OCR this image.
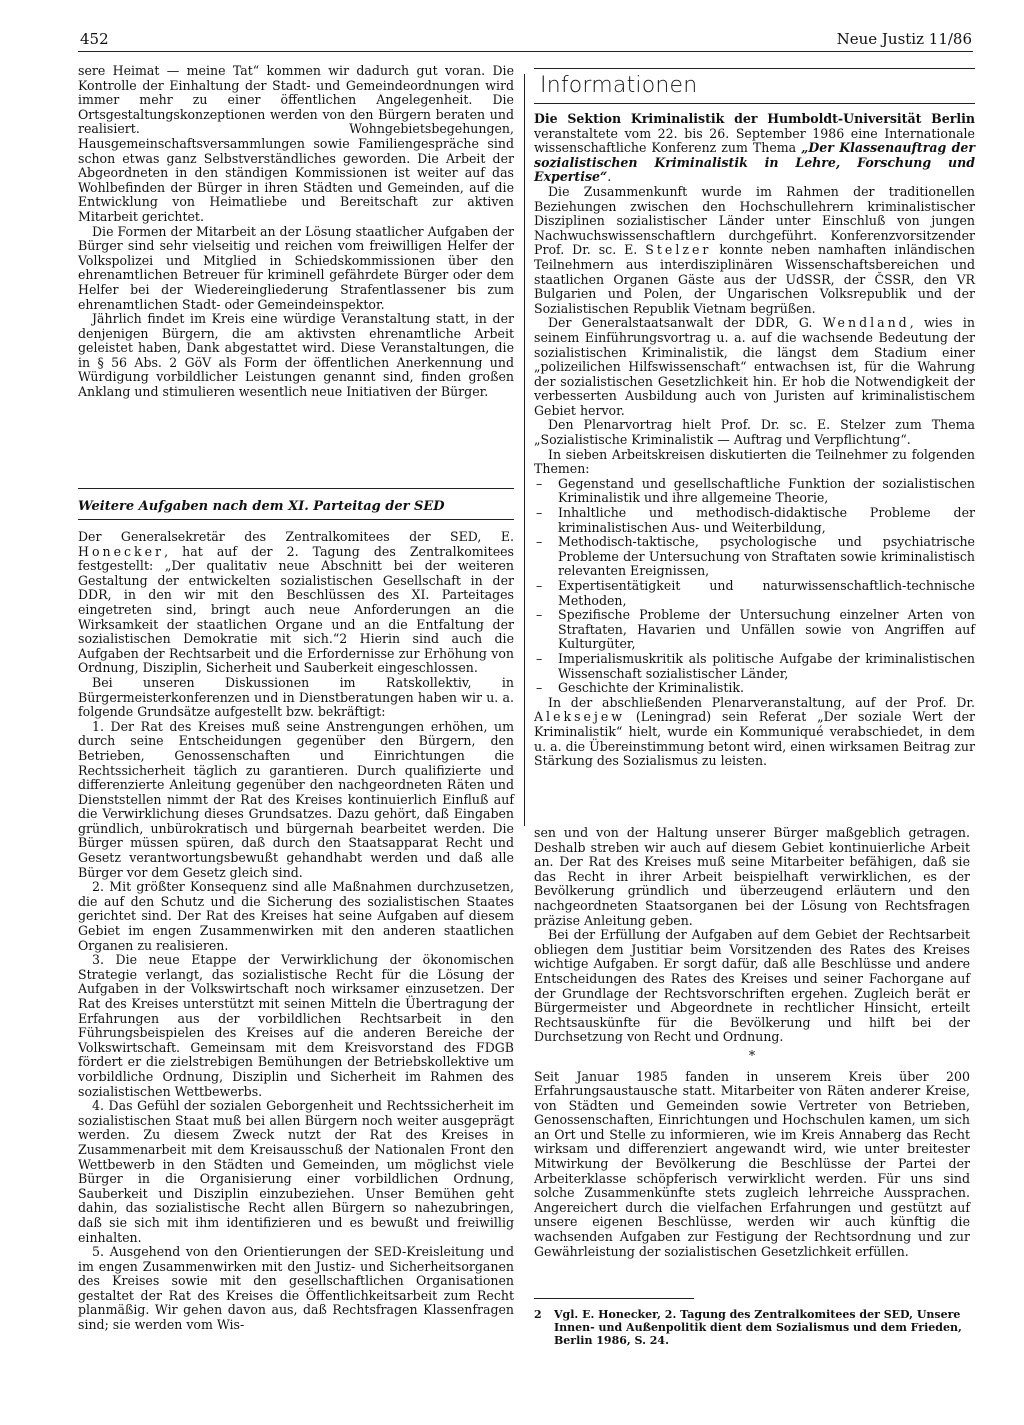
452	Neue Justiz 11/86

sere Heimat — meine Tat“ kommen wir dadurch gut voran. Die Kontrolle der Einhaltung der Stadt- und Gemeindeordnungen wird immer mehr zu einer öffentlichen Angelegenheit. Die Ortsgestaltungskonzeptionen werden von den Bürgern beraten und realisiert. Wohngebietsbegehungen, Hausgemeinschaftsversammlungen sowie Familiengespräche sind schon etwas ganz Selbstverständliches geworden. Die Arbeit der Abgeordneten in den ständigen Kommissionen ist weiter auf das Wohlbefinden der Bürger in ihren Städten und Gemeinden, auf die Entwicklung von Heimatliebe und Bereitschaft zur aktiven Mitarbeit gerichtet.

Die Formen der Mitarbeit an der Lösung staatlicher Aufgaben der Bürger sind sehr vielseitig und reichen vom freiwilligen Helfer der Volkspolizei und Mitglied in Schiedskommissionen über den ehrenamtlichen Betreuer für kriminell gefährdete Bürger oder dem Helfer bei der Wiedereingliederung Strafentlassener bis zum ehrenamtlichen Stadt- oder Gemeindeinspektor.

Jährlich findet im Kreis eine würdige Veranstaltung statt, in der denjenigen Bürgern, die am aktivsten ehrenamtliche Arbeit geleistet haben, Dank abgestattet wird. Diese Veranstaltungen, die in § 56 Abs. 2 GöV als Form der öffentlichen Anerkennung und Würdigung vorbildlicher Leistungen genannt sind, finden großen Anklang und stimulieren wesentlich neue Initiativen der Bürger.

Weitere Aufgaben nach dem XI. Parteitag der SED

Der Generalsekretär des Zentralkomitees der SED, E. Honecker, hat auf der 2. Tagung des Zentralkomitees festgestellt: „Der qualitativ neue Abschnitt bei der weiteren Gestaltung der entwickelten sozialistischen Gesellschaft in der DDR, in den wir mit den Beschlüssen des XI. Parteitages eingetreten sind, bringt auch neue Anforderungen an die Wirksamkeit der staatlichen Organe und an die Entfaltung der sozialistischen Demokratie mit sich.“2 Hierin sind auch die Aufgaben der Rechtsarbeit und die Erfordernisse zur Erhöhung von Ordnung, Disziplin, Sicherheit und Sauberkeit eingeschlossen.

Bei unseren Diskussionen im Ratskollektiv, in Bürgermeisterkonferenzen und in Dienstberatungen haben wir u. a. folgende Grundsätze aufgestellt bzw. bekräftigt:

1. Der Rat des Kreises muß seine Anstrengungen erhöhen, um durch seine Entscheidungen gegenüber den Bürgern, den Betrieben, Genossenschaften und Einrichtungen die Rechtssicherheit täglich zu garantieren. Durch qualifizierte und differenzierte Anleitung gegenüber den nachgeordneten Räten und Dienststellen nimmt der Rat des Kreises kontinuierlich Einfluß auf die Verwirklichung dieses Grundsatzes. Dazu gehört, daß Eingaben gründlich, unbürokratisch und bürgernah bearbeitet werden. Die Bürger müssen spüren, daß durch den Staatsapparat Recht und Gesetz verantwortungsbewußt gehandhabt werden und daß alle Bürger vor dem Gesetz gleich sind.

2. Mit größter Konsequenz sind alle Maßnahmen durchzusetzen, die auf den Schutz und die Sicherung des sozialistischen Staates gerichtet sind. Der Rat des Kreises hat seine Aufgaben auf diesem Gebiet im engen Zusammenwirken mit den anderen staatlichen Organen zu realisieren.

3. Die neue Etappe der Verwirklichung der ökonomischen Strategie verlangt, das sozialistische Recht für die Lösung der Aufgaben in der Volkswirtschaft noch wirksamer einzusetzen. Der Rat des Kreises unterstützt mit seinen Mitteln die Übertragung der Erfahrungen aus der vorbildlichen Rechtsarbeit in den Führungsbeispielen des Kreises auf die anderen Bereiche der Volkswirtschaft. Gemeinsam mit dem Kreisvorstand des FDGB fördert er die zielstrebigen Bemühungen der Betriebskollektive um vorbildliche Ordnung, Disziplin und Sicherheit im Rahmen des sozialistischen Wettbewerbs.

4. Das Gefühl der sozialen Geborgenheit und Rechtssicherheit im sozialistischen Staat muß bei allen Bürgern noch weiter ausgeprägt werden. Zu diesem Zweck nutzt der Rat des Kreises in Zusammenarbeit mit dem Kreisausschuß der Nationalen Front den Wettbewerb in den Städten und Gemeinden, um möglichst viele Bürger in die Organisierung einer vorbildlichen Ordnung, Sauberkeit und Disziplin einzubeziehen. Unser Bemühen geht dahin, das sozialistische Recht allen Bürgern so nahezubringen, daß sie sich mit ihm identifizieren und es bewußt und freiwillig einhalten.

5. Ausgehend von den Orientierungen der SED-Kreisleitung und im engen Zusammenwirken mit den Justiz- und Sicherheitsorganen des Kreises sowie mit den gesellschaftlichen Organisationen gestaltet der Rat des Kreises die Öffentlichkeitsarbeit zum Recht planmäßig. Wir gehen davon aus, daß Rechtsfragen Klassenfragen sind; sie werden vom Wis-

Informationen

Die Sektion Kriminalistik der Humboldt-Universität Berlin veranstaltete vom 22. bis 26. September 1986 eine Internationale wissenschaftliche Konferenz zum Thema „Der Klassenauftrag der sozialistischen Kriminalistik in Lehre, Forschung und Expertise“.

Die Zusammenkunft wurde im Rahmen der traditionellen Beziehungen zwischen den Hochschullehrern kriminalistischer Disziplinen sozialistischer Länder unter Einschluß von jungen Nachwuchswissenschaftlern durchgeführt. Konferenzvorsitzender Prof. Dr. sc. E. Stelzer konnte neben namhaften inländischen Teilnehmern aus interdisziplinären Wissenschaftsbereichen und staatlichen Organen Gäste aus der UdSSR, der ČSSR, den VR Bulgarien und Polen, der Ungarischen Volksrepublik und der Sozialistischen Republik Vietnam begrüßen.

Der Generalstaatsanwalt der DDR, G. Wendland, wies in seinem Einführungsvortrag u. a. auf die wachsende Bedeutung der sozialistischen Kriminalistik, die längst dem Stadium einer „polizeilichen Hilfswissenschaft“ entwachsen ist, für die Wahrung der sozialistischen Gesetzlichkeit hin. Er hob die Notwendigkeit der verbesserten Ausbildung auch von Juristen auf kriminalistischem Gebiet hervor.

Den Plenarvortrag hielt Prof. Dr. sc. E. Stelzer zum Thema „Sozialistische Kriminalistik — Auftrag und Verpflichtung“.

In sieben Arbeitskreisen diskutierten die Teilnehmer zu folgenden Themen:

– Gegenstand und gesellschaftliche Funktion der sozialistischen Kriminalistik und ihre allgemeine Theorie,
– Inhaltliche und methodisch-didaktische Probleme der kriminalistischen Aus- und Weiterbildung,
– Methodisch-taktische, psychologische und psychiatrische Probleme der Untersuchung von Straftaten sowie kriminalistisch relevanten Ereignissen,
– Expertisentätigkeit und naturwissenschaftlich-technische Methoden,
– Spezifische Probleme der Untersuchung einzelner Arten von Straftaten, Havarien und Unfällen sowie von Angriffen auf Kulturgüter,
– Imperialismuskritik als politische Aufgabe der kriminalistischen Wissenschaft sozialistischer Länder,
– Geschichte der Kriminalistik.

In der abschließenden Plenarveranstaltung, auf der Prof. Dr. Alekseјew (Leningrad) sein Referat „Der soziale Wert der Kriminalistik“ hielt, wurde ein Kommuniqué verabschiedet, in dem u. a. die Übereinstimmung betont wird, einen wirksamen Beitrag zur Stärkung des Sozialismus zu leisten.

sen und von der Haltung unserer Bürger maßgeblich getragen. Deshalb streben wir auch auf diesem Gebiet kontinuierliche Arbeit an. Der Rat des Kreises muß seine Mitarbeiter befähigen, daß sie das Recht in ihrer Arbeit beispielhaft verwirklichen, es der Bevölkerung gründlich und überzeugend erläutern und den nachgeordneten Staatsorganen bei der Lösung von Rechtsfragen präzise Anleitung geben.

Bei der Erfüllung der Aufgaben auf dem Gebiet der Rechtsarbeit obliegen dem Justitiar beim Vorsitzenden des Rates des Kreises wichtige Aufgaben. Er sorgt dafür, daß alle Beschlüsse und andere Entscheidungen des Rates des Kreises und seiner Fachorgane auf der Grundlage der Rechtsvorschriften ergehen. Zugleich berät er Bürgermeister und Abgeordnete in rechtlicher Hinsicht, erteilt Rechtsauskünfte für die Bevölkerung und hilft bei der Durchsetzung von Recht und Ordnung.

*

Seit Januar 1985 fanden in unserem Kreis über 200 Erfahrungsaustausche statt. Mitarbeiter von Räten anderer Kreise, von Städten und Gemeinden sowie Vertreter von Betrieben, Genossenschaften, Einrichtungen und Hochschulen kamen, um sich an Ort und Stelle zu informieren, wie im Kreis Annaberg das Recht wirksam und differenziert angewandt wird, wie unter breitester Mitwirkung der Bevölkerung die Beschlüsse der Partei der Arbeiterklasse schöpferisch verwirklicht werden. Für uns sind solche Zusammenkünfte stets zugleich lehrreiche Aussprachen. Angereichert durch die vielfachen Erfahrungen und gestützt auf unsere eigenen Beschlüsse, werden wir auch künftig die wachsenden Aufgaben zur Festigung der Rechtsordnung und zur Gewährleistung der sozialistischen Gesetzlichkeit erfüllen.

2	Vgl. E. Honecker, 2. Tagung des Zentralkomitees der SED, Unsere Innen- und Außenpolitik dient dem Sozialismus und dem Frieden, Berlin 1986, S. 24.
